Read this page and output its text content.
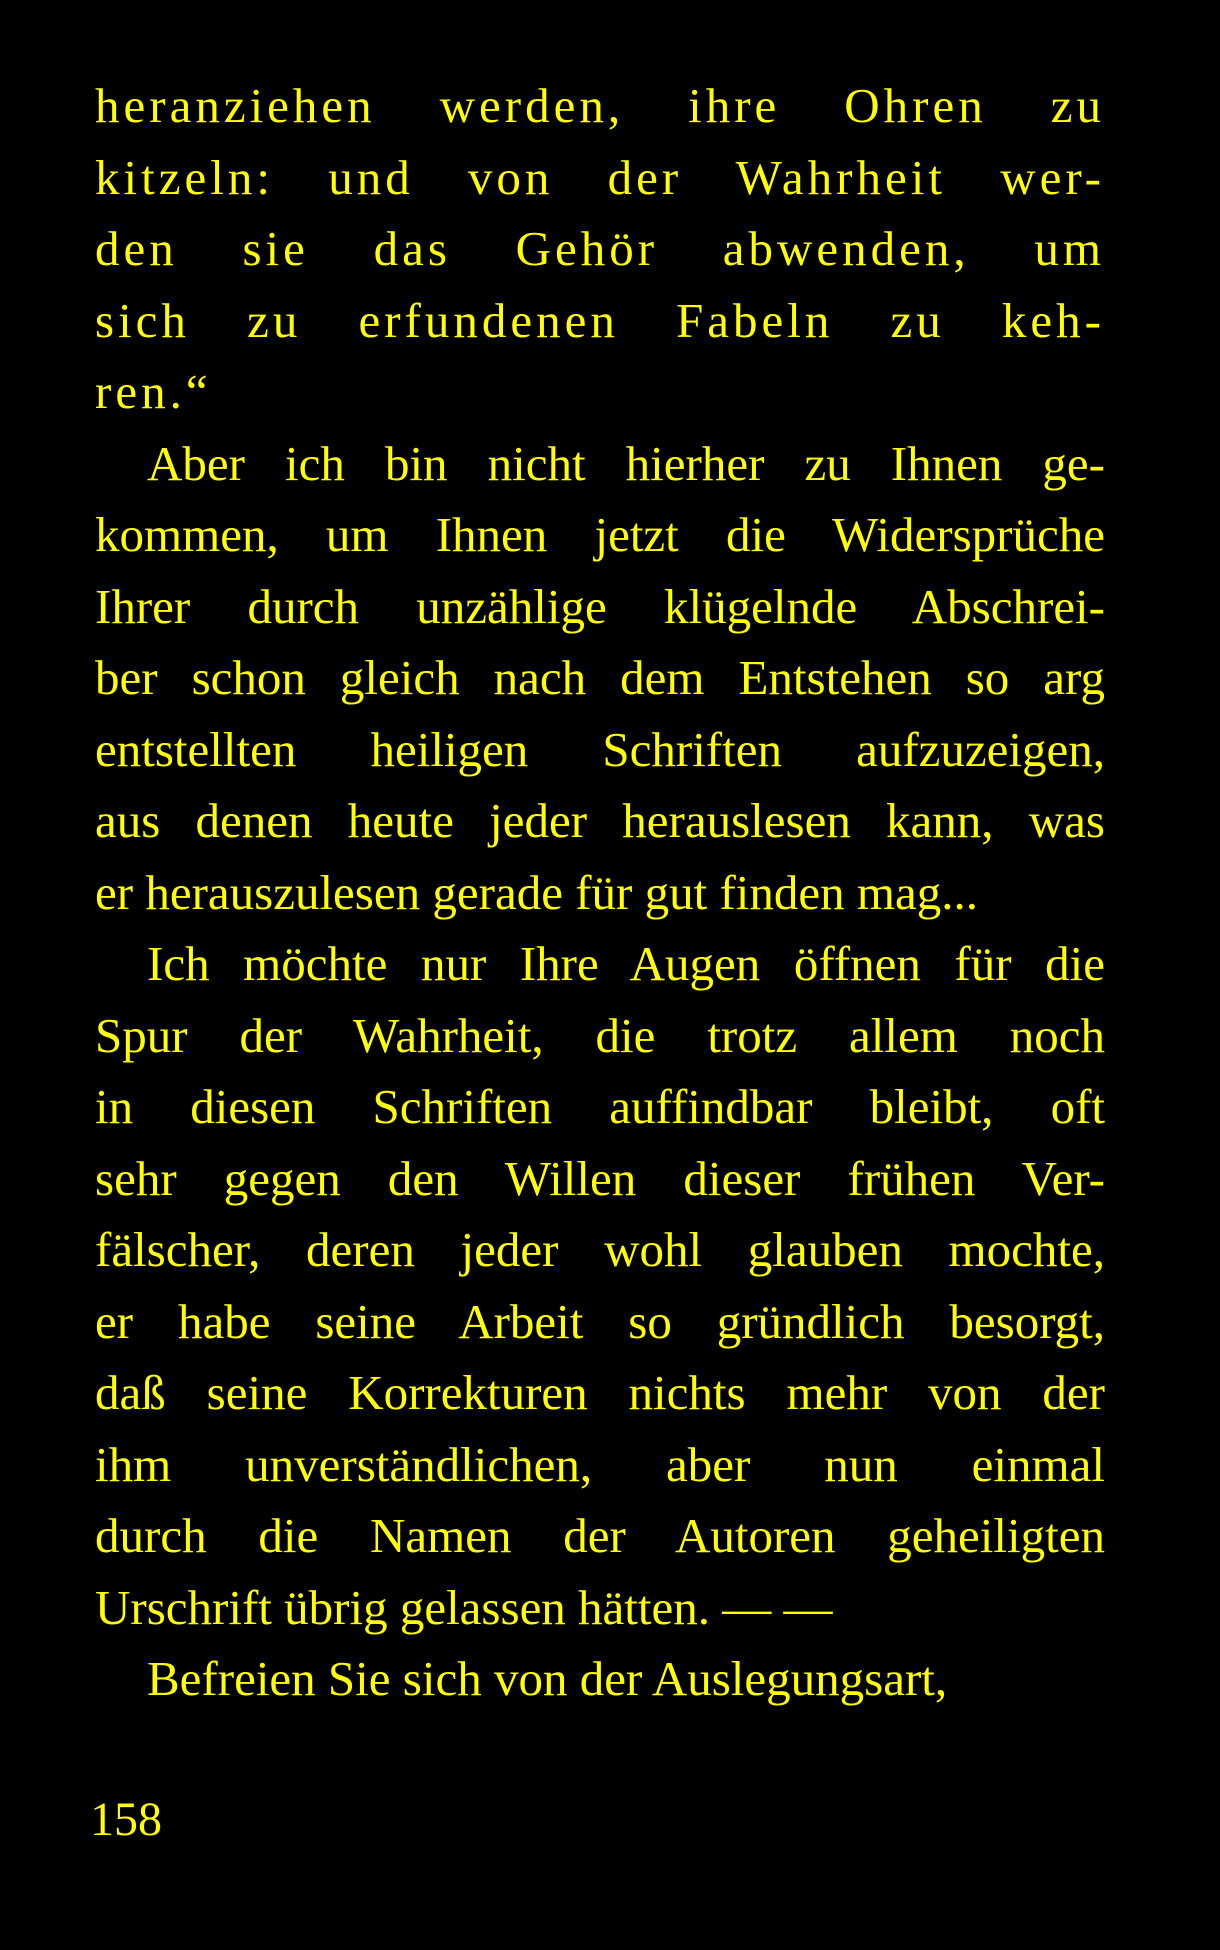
heranziehen werden, ihre Ohren zu
kitzeln: und von der Wahrheit wer-
den sie das Gehör abwenden, um
sich zu erfundenen Fabeln zu keh-
ren.“
Aber ich bin nicht hierher zu Ihnen ge-
kommen, um Ihnen jetzt die Widersprüche
Ihrer durch unzählige klügelnde Abschrei-
ber schon gleich nach dem Entstehen so arg
entstellten heiligen Schriften aufzuzeigen,
aus denen heute jeder herauslesen kann, was
er herauszulesen gerade für gut finden mag...
Ich möchte nur Ihre Augen öffnen für die
Spur der Wahrheit, die trotz allem noch
in diesen Schriften auffindbar bleibt, oft
sehr gegen den Willen dieser frühen Ver-
fälscher, deren jeder wohl glauben mochte,
er habe seine Arbeit so gründlich besorgt,
daß seine Korrekturen nichts mehr von der
ihm unverständlichen, aber nun einmal
durch die Namen der Autoren geheiligten
Urschrift übrig gelassen hätten. — —
Befreien Sie sich von der Auslegungsart,
158
